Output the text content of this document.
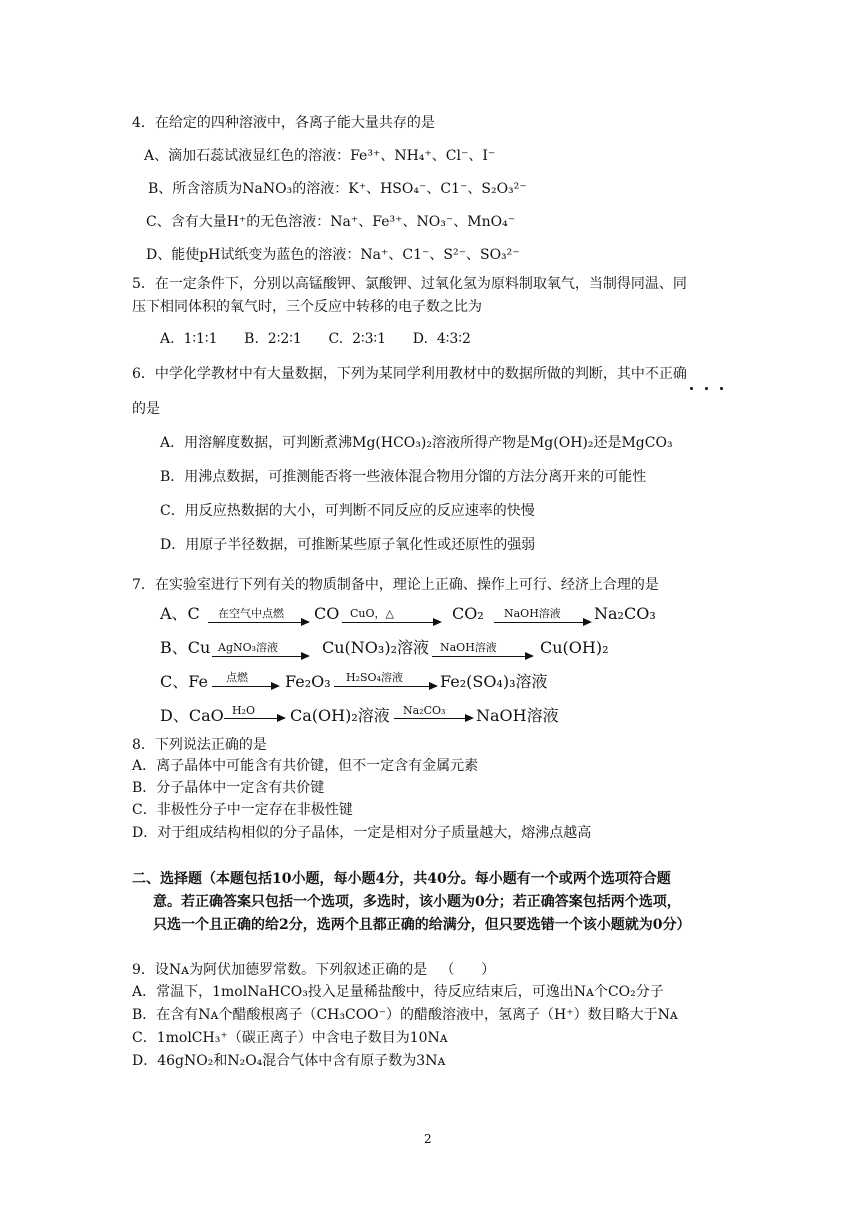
4．在给定的四种溶液中，各离子能大量共存的是
A、滴加石蕊试液显红色的溶液：Fe³⁺、NH₄⁺、Cl⁻、I⁻
B、所含溶质为NaNO₃的溶液：K⁺、HSO₄⁻、C1⁻、S₂O₃²⁻
C、含有大量H⁺的无色溶液：Na⁺、Fe³⁺、NO₃⁻、MnO₄⁻
D、能使pH试纸变为蓝色的溶液：Na⁺、C1⁻、S²⁻、SO₃²⁻
5．在一定条件下，分别以高锰酸钾、氯酸钾、过氧化氢为原料制取氧气，当制得同温、同
压下相同体积的氧气时，三个反应中转移的电子数之比为
A.  1∶1∶1      B.  2∶2∶1      C.  2∶3∶1      D.  4∶3∶2
6．中学化学教材中有大量数据，下列为某同学利用教材中的数据所做的判断，其中不正确
的是
A．用溶解度数据，可判断煮沸Mg(HCO₃)₂溶液所得产物是Mg(OH)₂还是MgCO₃
B．用沸点数据，可推测能否将一些液体混合物用分馏的方法分离开来的可能性
C．用反应热数据的大小，可判断不同反应的反应速率的快慢
D．用原子半径数据，可推断某些原子氧化性或还原性的强弱
7．在实验室进行下列有关的物质制备中，理论上正确、操作上可行、经济上合理的是
A、C 在空气中点燃 CO CuO，△	CO₂ NaOH溶液 Na₂CO₃
B、Cu AgNO₃溶液	Cu(NO₃)₂溶液 NaOH溶液	Cu(OH)₂
C、Fe 点燃 Fe₂O₃ H₂SO₄溶液 Fe₂(SO₄)₃溶液
D、CaO H₂O → Ca(OH)₂溶液 Na₂CO₃ NaOH溶液
8．下列说法正确的是
A．离子晶体中可能含有共价键，但不一定含有金属元素
B．分子晶体中一定含有共价键
C．非极性分子中一定存在非极性键
D．对于组成结构相似的分子晶体，一定是相对分子质量越大，熔沸点越高
二、选择题（本题包括10小题，每小题4分，共40分。每小题有一个或两个选项符合题
意。若正确答案只包括一个选项，多选时，该小题为0分；若正确答案包括两个选项，
只选一个且正确的给2分，选两个且都正确的给满分，但只要选错一个该小题就为0分）
9．设Nᴀ为阿伏加德罗常数。下列叙述正确的是   （      ）
A．常温下，1molNaHCO₃投入足量稀盐酸中，待反应结束后，可逸出Nᴀ个CO₂分子
B．在含有Nᴀ个醋酸根离子（CH₃COO⁻）的醋酸溶液中，氢离子（H⁺）数目略大于Nᴀ
C．1molCH₃⁺（碳正离子）中含电子数目为10Nᴀ
D．46gNO₂和N₂O₄混合气体中含有原子数为3Nᴀ
2
